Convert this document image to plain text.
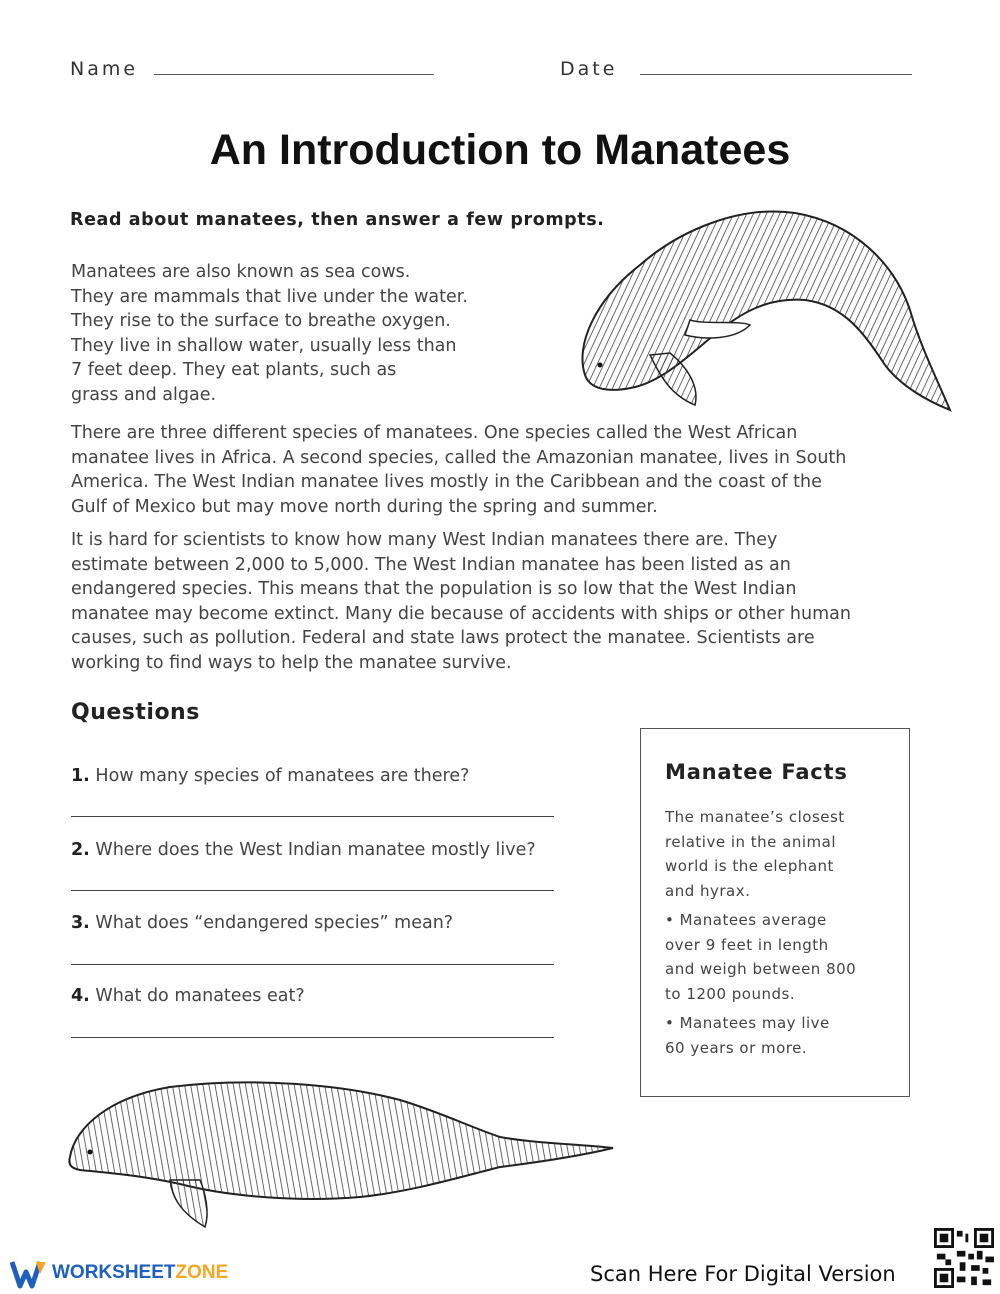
Name	Date
An Introduction to Manatees
Read about manatees, then answer a few prompts.
Manatees are also known as sea cows.
They are mammals that live under the water.
They rise to the surface to breathe oxygen.
They live in shallow water, usually less than
7 feet deep. They eat plants, such as
grass and algae.
There are three different species of manatees. One species called the West African
manatee lives in Africa. A second species, called the Amazonian manatee, lives in South
America. The West Indian manatee lives mostly in the Caribbean and the coast of the
Gulf of Mexico but may move north during the spring and summer.
It is hard for scientists to know how many West Indian manatees there are. They
estimate between 2,000 to 5,000. The West Indian manatee has been listed as an
endangered species. This means that the population is so low that the West Indian
manatee may become extinct. Many die because of accidents with ships or other human
causes, such as pollution. Federal and state laws protect the manatee. Scientists are
working to find ways to help the manatee survive.
Questions
1. How many species of manatees are there?
2. Where does the West Indian manatee mostly live?
3. What does “endangered species” mean?
4. What do manatees eat?
Manatee Facts
The manatee’s closest
relative in the animal
world is the elephant
and hyrax.
• Manatees average
over 9 feet in length
and weigh between 800
to 1200 pounds.
• Manatees may live
60 years or more.
WORKSHEETZONE	Scan Here For Digital Version
